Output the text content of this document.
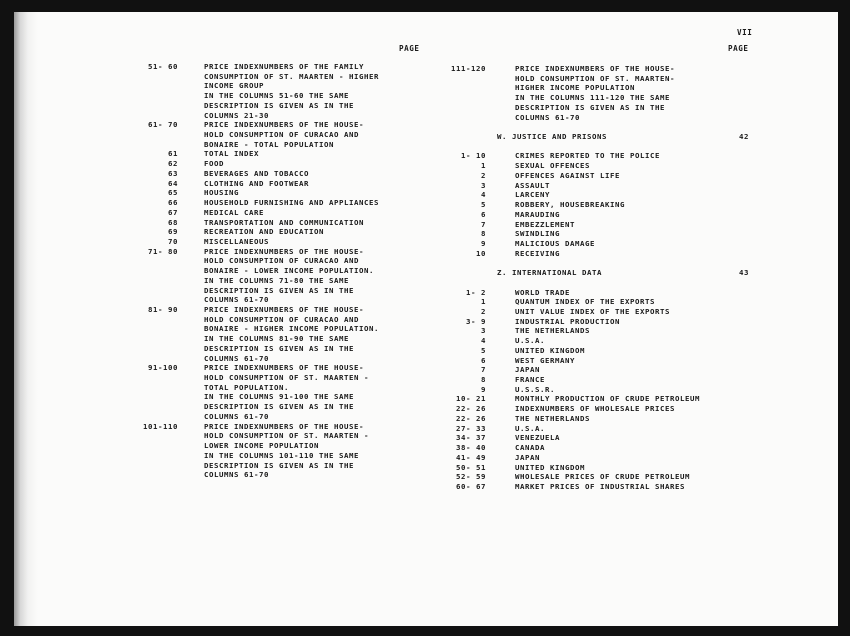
VII
PAGE	PAGE
51- 60	PRICE INDEXNUMBERS OF THE FAMILY
CONSUMPTION OF ST. MAARTEN - HIGHER
INCOME GROUP
IN THE COLUMNS 51-60 THE SAME
DESCRIPTION IS GIVEN AS IN THE
COLUMNS 21-30
61- 70	PRICE INDEXNUMBERS OF THE HOUSE-
HOLD CONSUMPTION OF CURACAO AND
BONAIRE - TOTAL POPULATION
61	TOTAL INDEX
62	FOOD
63	BEVERAGES AND TOBACCO
64	CLOTHING AND FOOTWEAR
65	HOUSING
66	HOUSEHOLD FURNISHING AND APPLIANCES
67	MEDICAL CARE
68	TRANSPORTATION AND COMMUNICATION
69	RECREATION AND EDUCATION
70	MISCELLANEOUS
71- 80	PRICE INDEXNUMBERS OF THE HOUSE-
HOLD CONSUMPTION OF CURACAO AND
BONAIRE - LOWER INCOME POPULATION.
IN THE COLUMNS 71-80 THE SAME
DESCRIPTION IS GIVEN AS IN THE
COLUMNS 61-70
81- 90	PRICE INDEXNUMBERS OF THE HOUSE-
HOLD CONSUMPTION OF CURACAO AND
BONAIRE - HIGHER INCOME POPULATION.
IN THE COLUMNS 81-90 THE SAME
DESCRIPTION IS GIVEN AS IN THE
COLUMNS 61-70
91-100	PRICE INDEXNUMBERS OF THE HOUSE-
HOLD CONSUMPTION OF ST. MAARTEN -
TOTAL POPULATION.
IN THE COLUMNS 91-100 THE SAME
DESCRIPTION IS GIVEN AS IN THE
COLUMNS 61-70
101-110	PRICE INDEXNUMBERS OF THE HOUSE-
HOLD CONSUMPTION OF ST. MAARTEN -
LOWER INCOME POPULATION
IN THE COLUMNS 101-110 THE SAME
DESCRIPTION IS GIVEN AS IN THE
COLUMNS 61-70
111-120	PRICE INDEXNUMBERS OF THE HOUSE-
HOLD CONSUMPTION OF ST. MAARTEN-
HIGHER INCOME POPULATION
IN THE COLUMNS 111-120 THE SAME
DESCRIPTION IS GIVEN AS IN THE
COLUMNS 61-70
W. JUSTICE AND PRISONS	42
1- 10	CRIMES REPORTED TO THE POLICE
1	SEXUAL OFFENCES
2	OFFENCES AGAINST LIFE
3	ASSAULT
4	LARCENY
5	ROBBERY, HOUSEBREAKING
6	MARAUDING
7	EMBEZZLEMENT
8	SWINDLING
9	MALICIOUS DAMAGE
10	RECEIVING
Z. INTERNATIONAL DATA	43
1- 2	WORLD TRADE
1	QUANTUM INDEX OF THE EXPORTS
2	UNIT VALUE INDEX OF THE EXPORTS
3- 9	INDUSTRIAL PRODUCTION
3	THE NETHERLANDS
4	U.S.A.
5	UNITED KINGDOM
6	WEST GERMANY
7	JAPAN
8	FRANCE
9	U.S.S.R.
10- 21	MONTHLY PRODUCTION OF CRUDE PETROLEUM
22- 26	INDEXNUMBERS OF WHOLESALE PRICES
22- 26	THE NETHERLANDS
27- 33	U.S.A.
34- 37	VENEZUELA
38- 40	CANADA
41- 49	JAPAN
50- 51	UNITED KINGDOM
52- 59	WHOLESALE PRICES OF CRUDE PETROLEUM
60- 67	MARKET PRICES OF INDUSTRIAL SHARES
